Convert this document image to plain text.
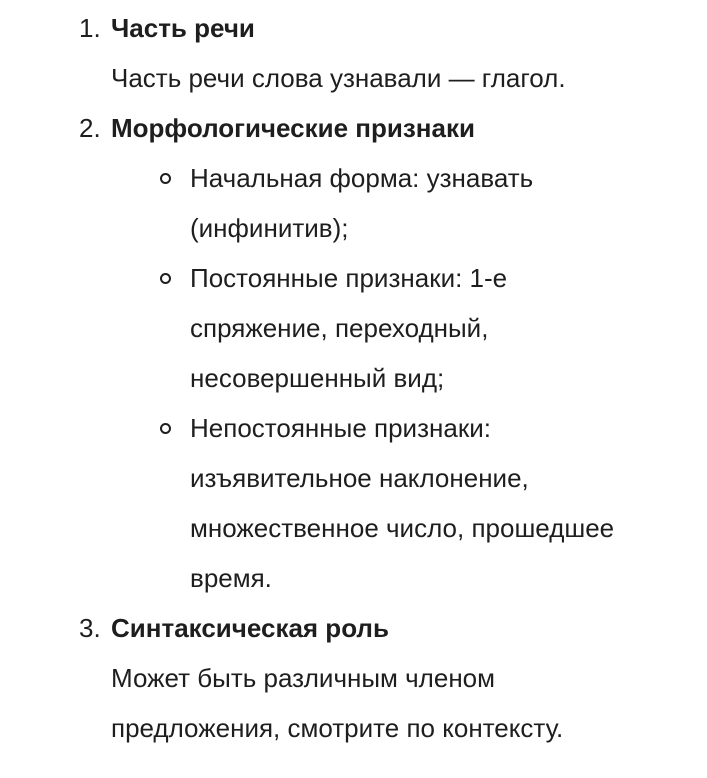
1. Часть речи

Часть речи слова узнавали — глагол.

2. Морфологические признаки
Начальная форма: узнавать
(инфинитив);
Постоянные признаки: 1-е
спряжение, переходный,
несовершенный вид;
Непостоянные признаки:
изъявительное наклонение,
множественное число, прошедшее
время.
3. Синтаксическая роль
Может быть различным членом
предложения, смотрите по контексту.
